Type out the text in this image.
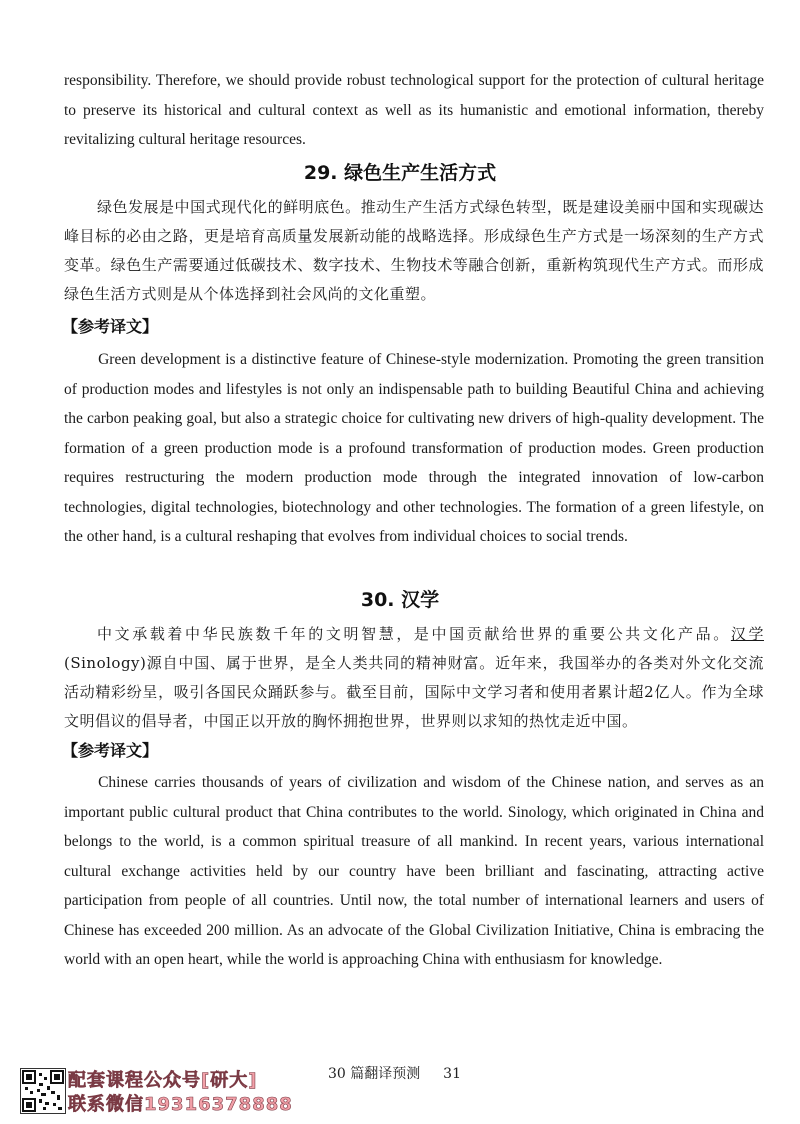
responsibility. Therefore, we should provide robust technological support for the protection of cultural heritage to preserve its historical and cultural context as well as its humanistic and emotional information, thereby revitalizing cultural heritage resources.
29. 绿色生产生活方式
绿色发展是中国式现代化的鲜明底色。推动生产生活方式绿色转型，既是建设美丽中国和实现碳达峰目标的必由之路，更是培育高质量发展新动能的战略选择。形成绿色生产方式是一场深刻的生产方式变革。绿色生产需要通过低碳技术、数字技术、生物技术等融合创新，重新构筑现代生产方式。而形成绿色生活方式则是从个体选择到社会风尚的文化重塑。
【参考译文】
Green development is a distinctive feature of Chinese-style modernization. Promoting the green transition of production modes and lifestyles is not only an indispensable path to building Beautiful China and achieving the carbon peaking goal, but also a strategic choice for cultivating new drivers of high-quality development. The formation of a green production mode is a profound transformation of production modes. Green production requires restructuring the modern production mode through the integrated innovation of low-carbon technologies, digital technologies, biotechnology and other technologies. The formation of a green lifestyle, on the other hand, is a cultural reshaping that evolves from individual choices to social trends.
30. 汉学
中文承载着中华民族数千年的文明智慧，是中国贡献给世界的重要公共文化产品。汉学(Sinology)源自中国、属于世界，是全人类共同的精神财富。近年来，我国举办的各类对外文化交流活动精彩纷呈，吸引各国民众踊跃参与。截至目前，国际中文学习者和使用者累计超2亿人。作为全球文明倡议的倡导者，中国正以开放的胸怀拥抱世界，世界则以求知的热忱走近中国。
【参考译文】
Chinese carries thousands of years of civilization and wisdom of the Chinese nation, and serves as an important public cultural product that China contributes to the world. Sinology, which originated in China and belongs to the world, is a common spiritual treasure of all mankind. In recent years, various international cultural exchange activities held by our country have been brilliant and fascinating, attracting active participation from people of all countries. Until now, the total number of international learners and users of Chinese has exceeded 200 million. As an advocate of the Global Civilization Initiative, China is embracing the world with an open heart, while the world is approaching China with enthusiasm for knowledge.
配套课程公众号[研大]
联系微信19316378888
30 篇翻译预测 31
